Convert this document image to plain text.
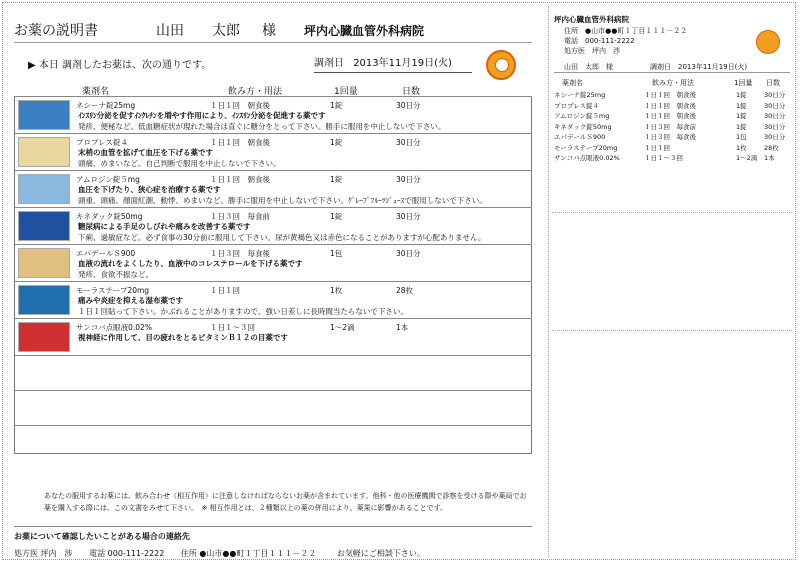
お薬の説明書	山田 太郎 様 坪内心臓血管外科病院
▶ 本日 調剤したお薬は、次の通りです。	調剤日 2013年11月19日(火)
薬剤名	飲み方・用法	1回量	日数
ネシーナ錠25mg	１日１回　朝食後	1錠	30日分
ｲﾝｽﾘﾝ分泌を促すｲﾝｸﾚﾁﾝを増やす作用により、ｲﾝｽﾘﾝ分泌を促進する薬です
発疹、便秘など。低血糖症状が現れた場合は直ぐに糖分をとって下さい。勝手に服用を中止しないで下さい。

プロプレス錠４	１日１回　朝食後	1錠	30日分
末梢の血管を拡げて血圧を下げる薬です
頭痛、めまいなど。自己判断で服用を中止しないで下さい。

アムロジン錠５mg	１日１回　朝食後	1錠	30日分
血圧を下げたり、狭心症を治療する薬です
頭重、頭痛、顔面紅潮、動悸、めまいなど。勝手に服用を中止しないで下さい。ｸﾞﾚｰﾌﾟﾌﾙｰﾂｼﾞｭｰｽで服用しないで下さい。

キネダック錠50mg	１日３回　毎食前	1錠	30日分
糖尿病による手足のしびれや痛みを改善する薬です
下痢、過敏症など。必ず食事の30分前に服用して下さい。尿が黄褐色又は赤色になることがありますが心配ありません。

エパデールＳ900	１日３回　毎食後	1包	30日分
血液の流れをよくしたり、血液中のコレステロールを下げる薬です
発疹、食欲不振など。

モーラステープ20mg	１日１回	1枚	28枚
痛みや炎症を抑える湿布薬です
１日１回貼って下さい。かぶれることがありますので、強い日差しに長時間当たらないで下さい。

サンコバ点眼液0.02%	１日１～３回	1～2滴	1本
視神経に作用して、目の疲れをとるビタミンＢ１２の目薬です

あなたの服用するお薬には、飲み合わせ（相互作用）に注意しなければならないお薬が含まれています。他科・他の医療機関で診察を受ける際や薬局でお
薬を購入する際には、この文書をみせて下さい。　※ 相互作用とは、２種類以上の薬の併用により、薬果に影響があることです。
お薬について確認したいことがある場合の連絡先
処方医 坪内　渉 電話 000-111-2222 住所 ●山市●●町１丁目１１１－２２	お気軽にご相談下さい。
坪内心臓血管外科病院
住所　 ●山市●●町１丁目１１１－２２
電話　 000-111-2222
処方医　 坪内　渉
山田　太郎　様	調剤日　 2013年11月19日(火)
薬剤名	飲み方・用法	1回量 日数
ネシーナ錠25mg	１日１回　朝食後	1錠	30日分
プロプレス錠４	１日１回　朝食後	1錠	30日分
アムロジン錠５mg	１日１回　朝食後	1錠	30日分
キネダック錠50mg	１日３回　毎食前	1錠	30日分
エパデールＳ900	１日３回　毎食後	1包	30日分
モーラステープ20mg	１日１回	1枚	28枚
サンコバ点眼液0.02%	１日１～３回	1～2滴 1本
